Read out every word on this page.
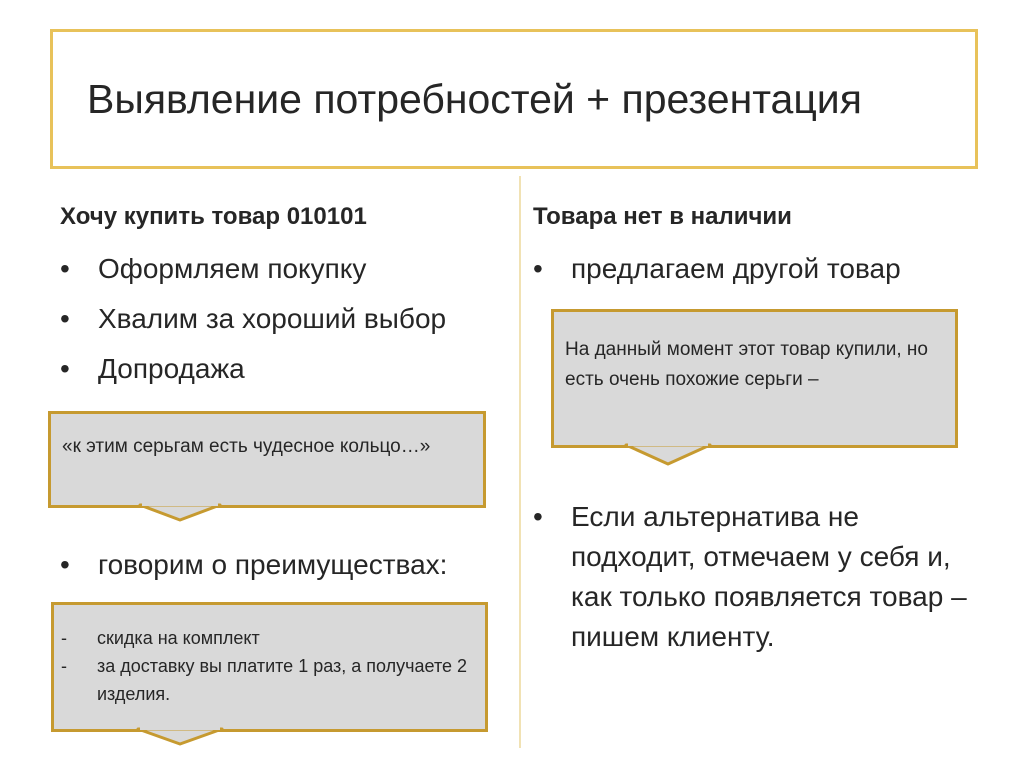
Выявление потребностей + презентация
Хочу купить товар 010101
• Оформляем покупку
• Хвалим за хороший выбор
• Допродажа
«к этим серьгам есть чудесное кольцо…»
• говорим о преимуществах:
- скидка на комплект
- за доставку вы платите 1 раз, а получаете 2 изделия.
Товара нет в наличии
• предлагаем другой товар
На данный момент этот товар купили, но есть очень похожие серьги –
• Если альтернатива не подходит, отмечаем у себя и, как только появляется товар – пишем клиенту.
